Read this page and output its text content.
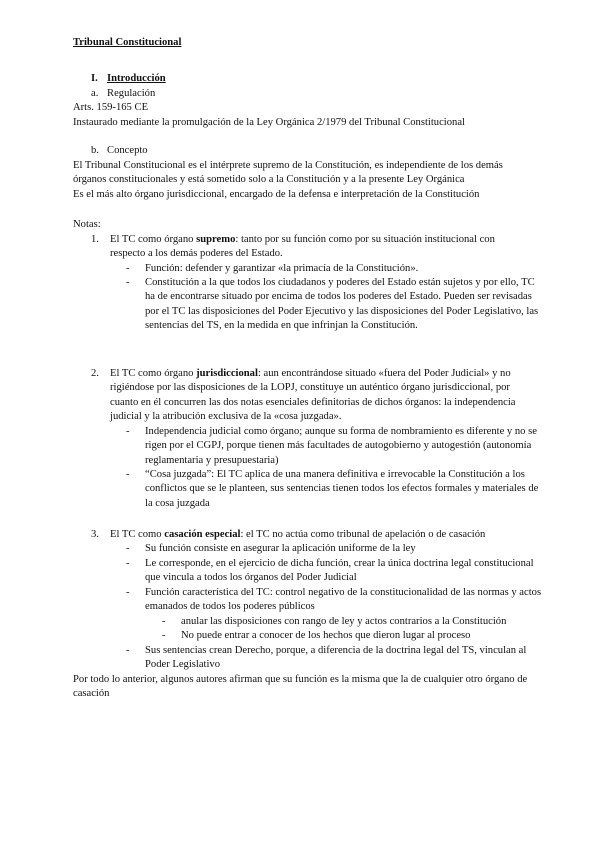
Tribunal Constitucional
I. Introducción
a. Regulación
Arts. 159-165 CE
Instaurado mediante la promulgación de la Ley Orgánica 2/1979 del Tribunal Constitucional
b. Concepto
El Tribunal Constitucional es el intérprete supremo de la Constitución, es independiente de los demás órganos constitucionales y está sometido solo a la Constitución y a la presente Ley Orgánica
Es el más alto órgano jurisdiccional, encargado de la defensa e interpretación de la Constitución
Notas:
1. El TC como órgano supremo: tanto por su función como por su situación institucional con respecto a los demás poderes del Estado.
- Función: defender y garantizar «la primacía de la Constitución».
- Constitución a la que todos los ciudadanos y poderes del Estado están sujetos y por ello, TC ha de encontrarse situado por encima de todos los poderes del Estado. Pueden ser revisadas por el TC las disposiciones del Poder Ejecutivo y las disposiciones del Poder Legislativo, las sentencias del TS, en la medida en que infrinjan la Constitución.
2. El TC como órgano jurisdiccional: aun encontrándose situado «fuera del Poder Judicial» y no rigiéndose por las disposiciones de la LOPJ, constituye un auténtico órgano jurisdiccional, por cuanto en él concurren las dos notas esenciales definitorias de dichos órganos: la independencia judicial y la atribución exclusiva de la «cosa juzgada».
- Independencia judicial como órgano; aunque su forma de nombramiento es diferente y no se rigen por el CGPJ, porque tienen más facultades de autogobierno y autogestión (autonomía reglamentaria y presupuestaria)
- “Cosa juzgada”: El TC aplica de una manera definitiva e irrevocable la Constitución a los conflictos que se le planteen, sus sentencias tienen todos los efectos formales y materiales de la cosa juzgada
3. El TC como casación especial: el TC no actúa como tribunal de apelación o de casación
- Su función consiste en asegurar la aplicación uniforme de la ley
- Le corresponde, en el ejercicio de dicha función, crear la única doctrina legal constitucional que vincula a todos los órganos del Poder Judicial
- Función característica del TC: control negativo de la constitucionalidad de las normas y actos emanados de todos los poderes públicos
- anular las disposiciones con rango de ley y actos contrarios a la Constitución
- No puede entrar a conocer de los hechos que dieron lugar al proceso
- Sus sentencias crean Derecho, porque, a diferencia de la doctrina legal del TS, vinculan al Poder Legislativo
Por todo lo anterior, algunos autores afirman que su función es la misma que la de cualquier otro órgano de casación
